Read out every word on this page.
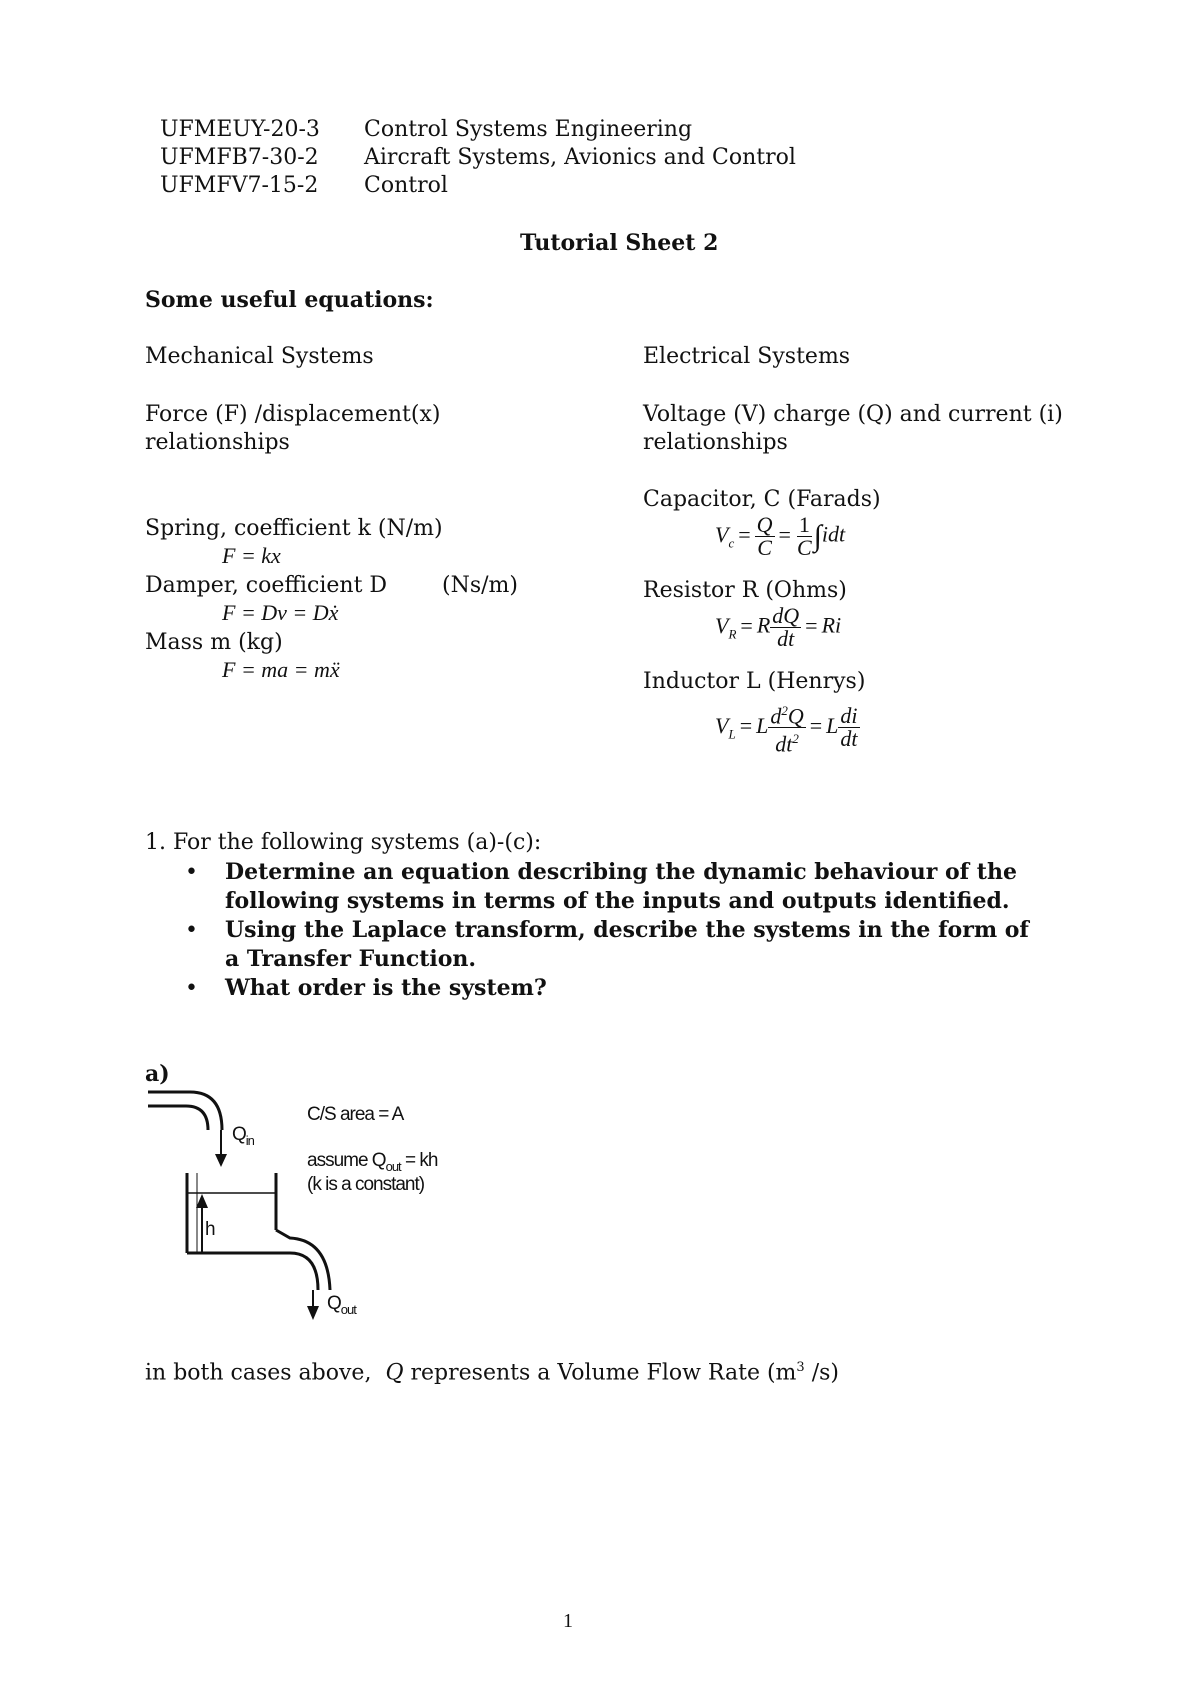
UFMEUY-20-3 Control Systems Engineering
UFMFB7-30-2 Aircraft Systems, Avionics and Control
UFMFV7-15-2 Control
Tutorial Sheet 2
Some useful equations:
Mechanical Systems
Force (F) /displacement(x)
relationships
Spring, coefficient k (N/m)
F = kx
Damper, coefficient D (Ns/m)
F = Dv = Dẋ
Mass m (kg)
F = ma = mẍ
Electrical Systems
Voltage (V) charge (Q) and current (i)
relationships
Capacitor, C (Farads)
$V_c = \frac{Q}{C} = \frac{1}{C} \int idt$
Resistor R (Ohms)
$V_R = R \frac{dQ}{dt} = Ri$
Inductor L (Henrys)
$V_L = L \frac{d^2Q}{dt^2} = L \frac{di}{dt}$
1. For the following systems (a)-(c):
• Determine an equation describing the dynamic behaviour of the following systems in terms of the inputs and outputs identified.
• Using the Laplace transform, describe the systems in the form of a Transfer Function.
• What order is the system?
a)
$Q_{in}$
h
$Q_{out}$
C/S area = A
assume $Q_{out}$ = kh
(k is a constant)
in both cases above, Q represents a Volume Flow Rate ($m^3$ /s)
1
